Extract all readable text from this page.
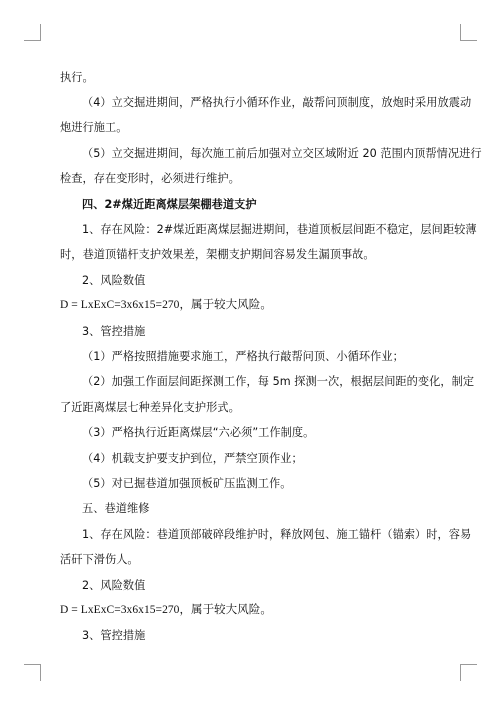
执行。
（4）立交掘进期间，严格执行小循环作业，敲帮问顶制度，放炮时采用放震动
炮进行施工。
（5）立交掘进期间，每次施工前后加强对立交区域附近 20 范围内顶帮情况进行
检查，存在变形时，必须进行维护。
四、2#煤近距离煤层架棚巷道支护
1、存在风险：2#煤近距离煤层掘进期间，巷道顶板层间距不稳定，层间距较薄
时，巷道顶锚杆支护效果差，架棚支护期间容易发生漏顶事故。
2、风险数值
D = LxExC=3x6x15=270，属于较大风险。
3、管控措施
（1）严格按照措施要求施工，严格执行敲帮问顶、小循环作业；
（2）加强工作面层间距探测工作，每 5m 探测一次，根据层间距的变化，制定
了近距离煤层七种差异化支护形式。
（3）严格执行近距离煤层“六必须”工作制度。
（4）机载支护要支护到位，严禁空顶作业；
（5）对已掘巷道加强顶板矿压监测工作。
五、巷道维修
1、存在风险：巷道顶部破碎段维护时，释放网包、施工锚杆（锚索）时，容易
活矸下滑伤人。
2、风险数值
D = LxExC=3x6x15=270，属于较大风险。
3、管控措施
